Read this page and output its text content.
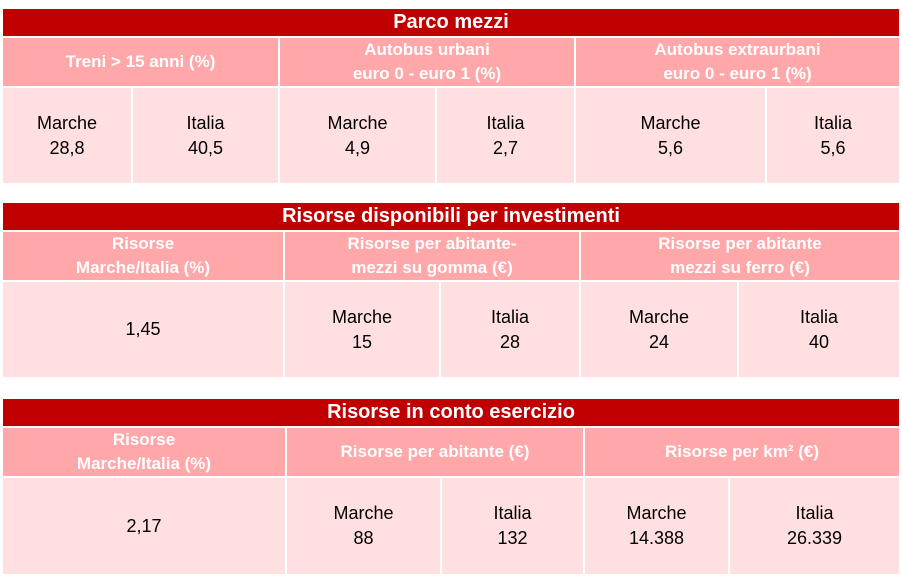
Parco mezzi
Treni > 15 anni (%)
Autobus urbani
euro 0 - euro 1 (%)
Autobus extraurbani
euro 0 - euro 1 (%)
Marche
28,8
Italia
40,5
Marche
4,9
Italia
2,7
Marche
5,6
Italia
5,6
Risorse disponibili per investimenti
Risorse
Marche/Italia (%)
Risorse per abitante-
mezzi su gomma (€)
Risorse per abitante
mezzi su ferro (€)
1,45
Marche
15
Italia
28
Marche
24
Italia
40
Risorse in conto esercizio
Risorse
Marche/Italia (%)
Risorse per abitante (€)	Risorse per km² (€)
2,17
Marche
88
Italia
132
Marche
14.388
Italia
26.339
